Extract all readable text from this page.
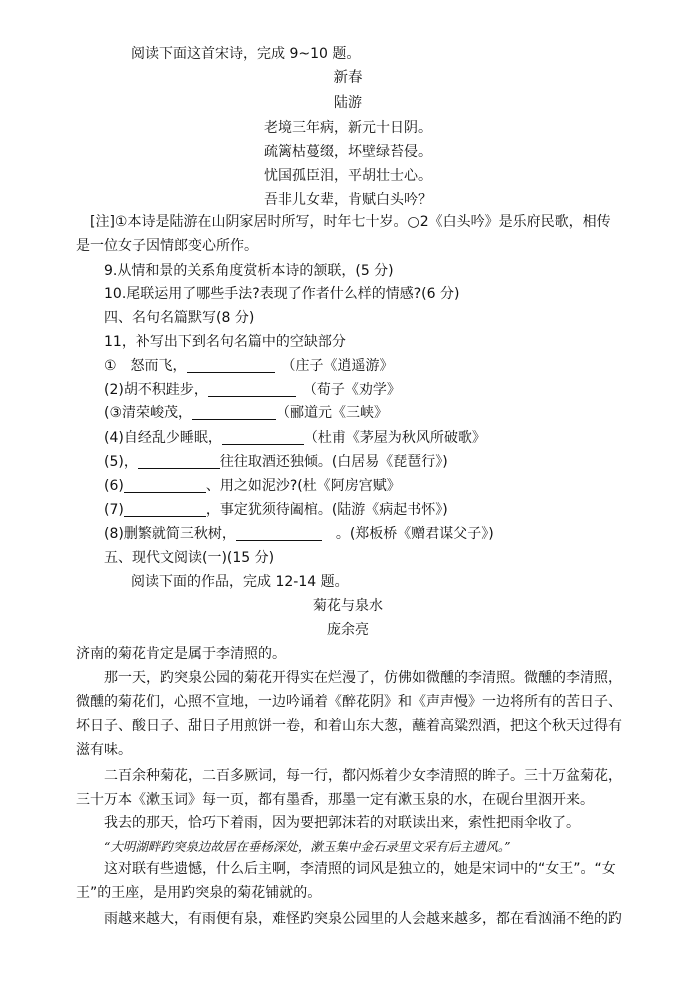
阅读下面这首宋诗，完成 9~10 题。
新春
陆游
老境三年病，新元十日阴。
疏篱枯蔓缀，坏壁绿苔侵。
忧国孤臣泪，平胡壮士心。
吾非儿女辈，肯赋白头吟？
[注]①本诗是陆游在山阴家居时所写，时年七十岁。○2《白头吟》是乐府民歌，相传
是一位女子因情郎变心所作。
9.从情和景的关系角度赏析本诗的颔联，(5 分)
10.尾联运用了哪些手法?表现了作者什么样的情感?(6 分)
四、名句名篇默写(8 分)
11，补写出下到名句名篇中的空缺部分
①　怒而飞，	　（庄子《逍遥游》
(2)胡不积跬步，	　（荀子《劝学》
(③清荣峻茂，	（郦道元《三峡》
(4)自经乱少睡眠，	（杜甫《茅屋为秋风所破歌》
(5)，	往往取酒还独倾。(白居易《琵琶行》)
(6)	、用之如泥沙?(杜《阿房宫赋》
(7)	，事定犹须待阖棺。(陆游《病起书怀》)
(8)删繁就简三秋树，	　。(郑板桥《赠君谋父子》)
五、现代文阅读(一)(15 分)
阅读下面的作品，完成 12-14 题。
菊花与泉水
庞余亮
济南的菊花肯定是属于李清照的。
那一天，趵突泉公园的菊花开得实在烂漫了，仿佛如微醺的李清照。微醺的李清照，
微醺的菊花们，心照不宣地，一边吟诵着《醉花阴》和《声声慢》一边将所有的苦日子、
坏日子、酸日子、甜日子用煎饼一卷，和着山东大葱，蘸着高粱烈酒，把这个秋天过得有
滋有味。
二百余种菊花，二百多厥词，每一行，都闪烁着少女李清照的眸子。三十万盆菊花，
三十万本《漱玉词》每一页，都有墨香，那墨一定有漱玉泉的水，在砚台里洇开来。
我去的那天，恰巧下着雨，因为要把郭沫若的对联读出来，索性把雨伞收了。
“大明湖畔趵突泉边故居在垂杨深处，漱玉集中金石录里文采有后主遗风。”
这对联有些遗憾，什么后主啊，李清照的词风是独立的，她是宋词中的“女王”。“女
王”的王座，是用趵突泉的菊花铺就的。
雨越来越大，有雨便有泉，难怪趵突泉公园里的人会越来越多，都在看汹涌不绝的趵
